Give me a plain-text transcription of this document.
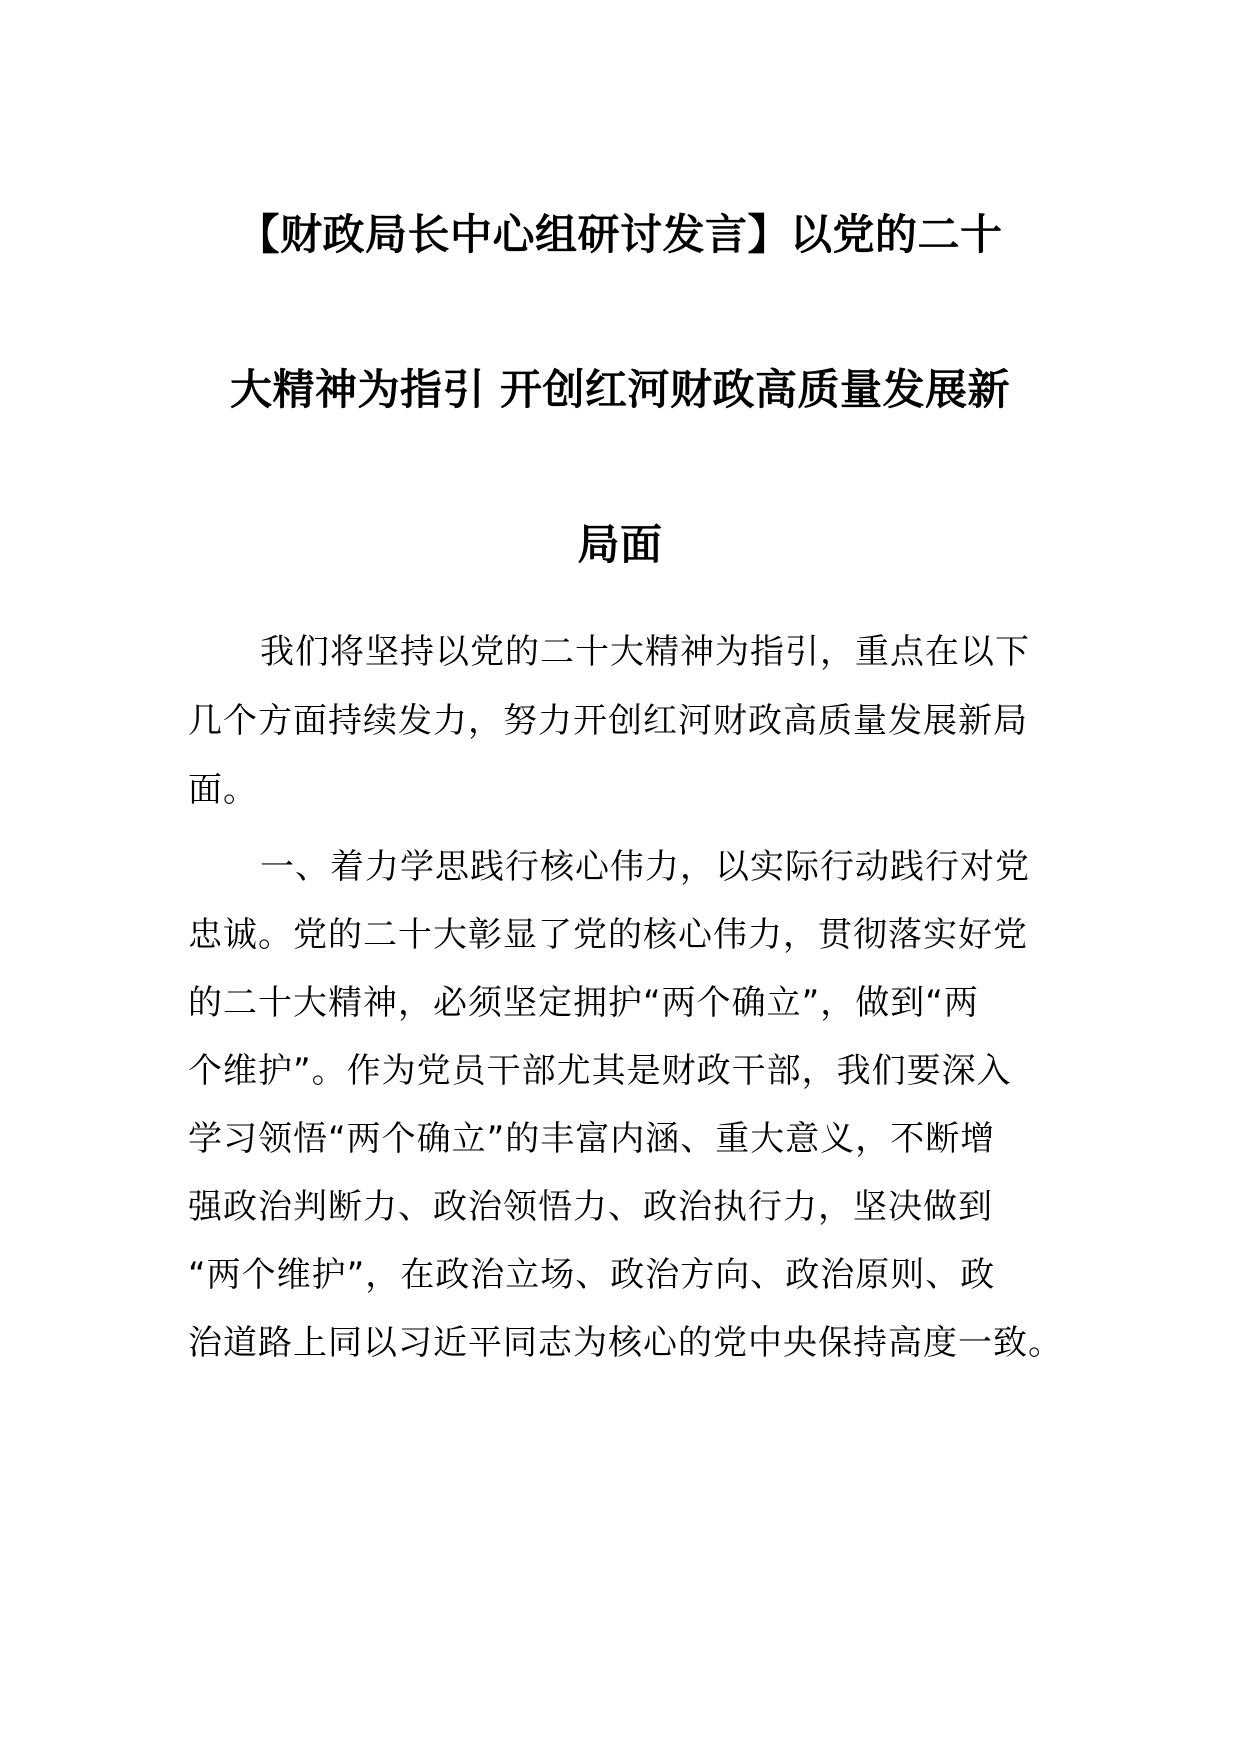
【财政局长中心组研讨发言】以党的二十
大精神为指引 开创红河财政高质量发展新
局面
我们将坚持以党的二十大精神为指引，重点在以下
几个方面持续发力，努力开创红河财政高质量发展新局
面。
一、着力学思践行核心伟力，以实际行动践行对党
忠诚。党的二十大彰显了党的核心伟力，贯彻落实好党
的二十大精神，必须坚定拥护“两个确立”，做到“两
个维护”。作为党员干部尤其是财政干部，我们要深入
学习领悟“两个确立”的丰富内涵、重大意义，不断增
强政治判断力、政治领悟力、政治执行力，坚决做到
“两个维护”，在政治立场、政治方向、政治原则、政
治道路上同以习近平同志为核心的党中央保持高度一致。
